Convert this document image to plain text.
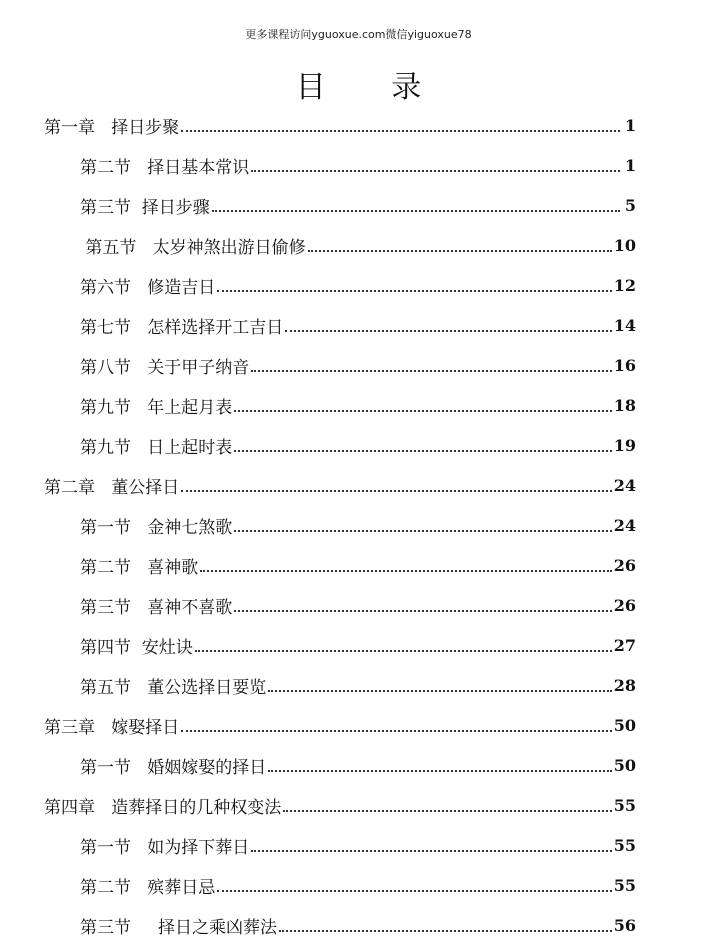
更多课程访问yguoxue.com微信yiguoxue78
目 录
第一章   择日步聚	1
第二节   择日基本常识	1
第三节  择日步骤	5
第五节   太岁神煞出游日偷修	10
第六节   修造吉日	12
第七节   怎样选择开工吉日	14
第八节   关于甲子纳音	16
第九节   年上起月表	18
第九节   日上起时表	19
第二章   董公择日	24
第一节   金神七煞歌	24
第二节   喜神歌	26
第三节   喜神不喜歌	26
第四节  安灶诀	27
第五节   董公选择日要览	28
第三章   嫁娶择日	50
第一节   婚姻嫁娶的择日	50
第四章   造葬择日的几种权变法	55
第一节   如为择下葬日	55
第二节   殡葬日忌	55
第三节     择日之乘凶葬法	56
